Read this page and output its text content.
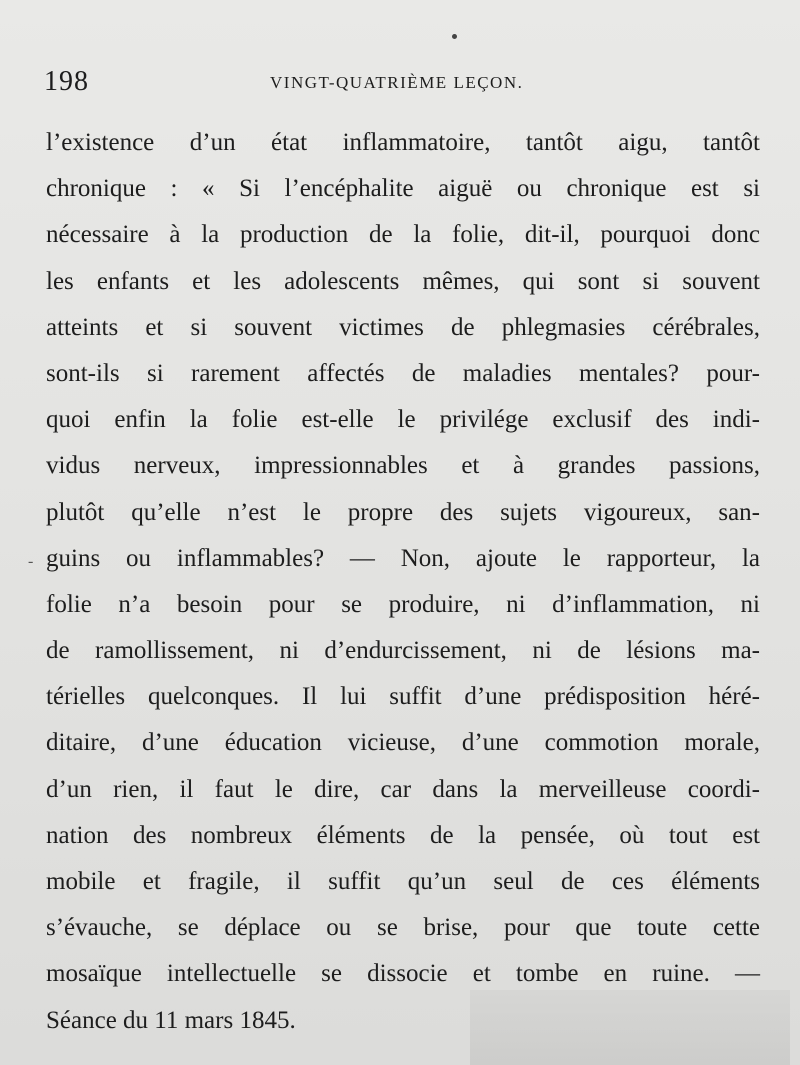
198	VINGT-QUATRIÈME LEÇON.
-
l’existence d’un état inflammatoire, tantôt aigu, tantôt
chronique : « Si l’encéphalite aiguë ou chronique est si
nécessaire à la production de la folie, dit-il, pourquoi donc
les enfants et les adolescents mêmes, qui sont si souvent
atteints et si souvent victimes de phlegmasies cérébrales,
sont-ils si rarement affectés de maladies mentales? pour-
quoi enfin la folie est-elle le privilége exclusif des indi-
vidus nerveux, impressionnables et à grandes passions,
plutôt qu’elle n’est le propre des sujets vigoureux, san-
guins ou inflammables? — Non, ajoute le rapporteur, la
folie n’a besoin pour se produire, ni d’inflammation, ni
de ramollissement, ni d’endurcissement, ni de lésions ma-
térielles quelconques. Il lui suffit d’une prédisposition héré-
ditaire, d’une éducation vicieuse, d’une commotion morale,
d’un rien, il faut le dire, car dans la merveilleuse coordi-
nation des nombreux éléments de la pensée, où tout est
mobile et fragile, il suffit qu’un seul de ces éléments
s’évauche, se déplace ou se brise, pour que toute cette
mosaïque intellectuelle se dissocie et tombe en ruine. —
Séance du 11 mars 1845.
